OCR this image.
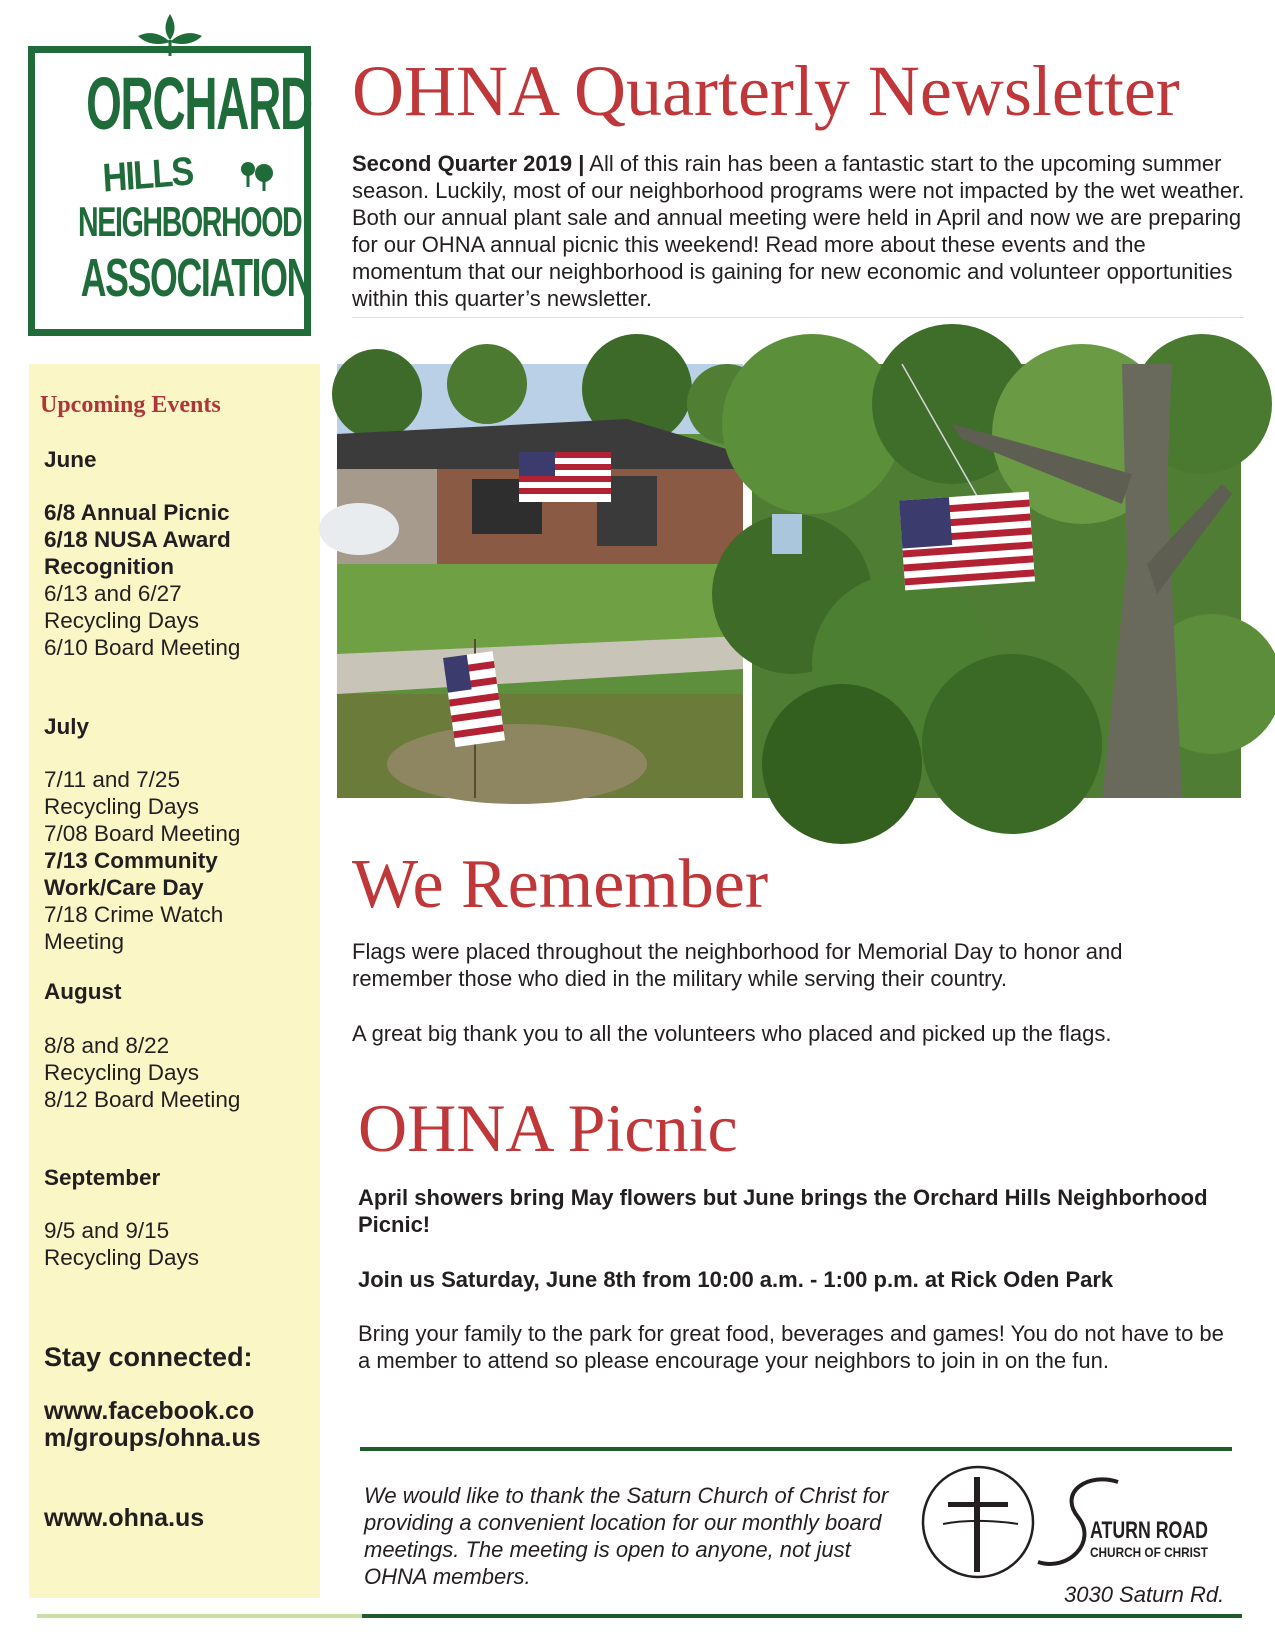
ORCHARD
HILLS
NEIGHBORHOOD
ASSOCIATION
OHNA Quarterly Newsletter
Second Quarter 2019 | All of this rain has been a fantastic start to the upcoming summer season. Luckily, most of our neighborhood programs were not impacted by the wet weather. Both our annual plant sale and annual meeting were held in April and now we are preparing for our OHNA annual picnic this weekend! Read more about these events and the momentum that our neighborhood is gaining for new economic and volunteer opportunities within this quarter’s newsletter.
Upcoming Events
June
6/8 Annual Picnic
6/18 NUSA Award Recognition
6/13 and 6/27 Recycling Days
6/10 Board Meeting
July
7/11 and 7/25 Recycling Days
7/08 Board Meeting
7/13 Community Work/Care Day
7/18 Crime Watch Meeting
August
8/8 and 8/22 Recycling Days
8/12 Board Meeting
September
9/5 and 9/15 Recycling Days
Stay connected:
www.facebook.com/groups/ohna.us
www.ohna.us
We Remember
Flags were placed throughout the neighborhood for Memorial Day to honor and remember those who died in the military while serving their country.
A great big thank you to all the volunteers who placed and picked up the flags.
OHNA Picnic
April showers bring May flowers but June brings the Orchard Hills Neighborhood Picnic!
Join us Saturday, June 8th from 10:00 a.m. - 1:00 p.m. at Rick Oden Park
Bring your family to the park for great food, beverages and games! You do not have to be a member to attend so please encourage your neighbors to join in on the fun.
We would like to thank the Saturn Church of Christ for providing a convenient location for our monthly board meetings. The meeting is open to anyone, not just OHNA members.
ATURN ROAD
CHURCH OF CHRIST
3030 Saturn Rd.
